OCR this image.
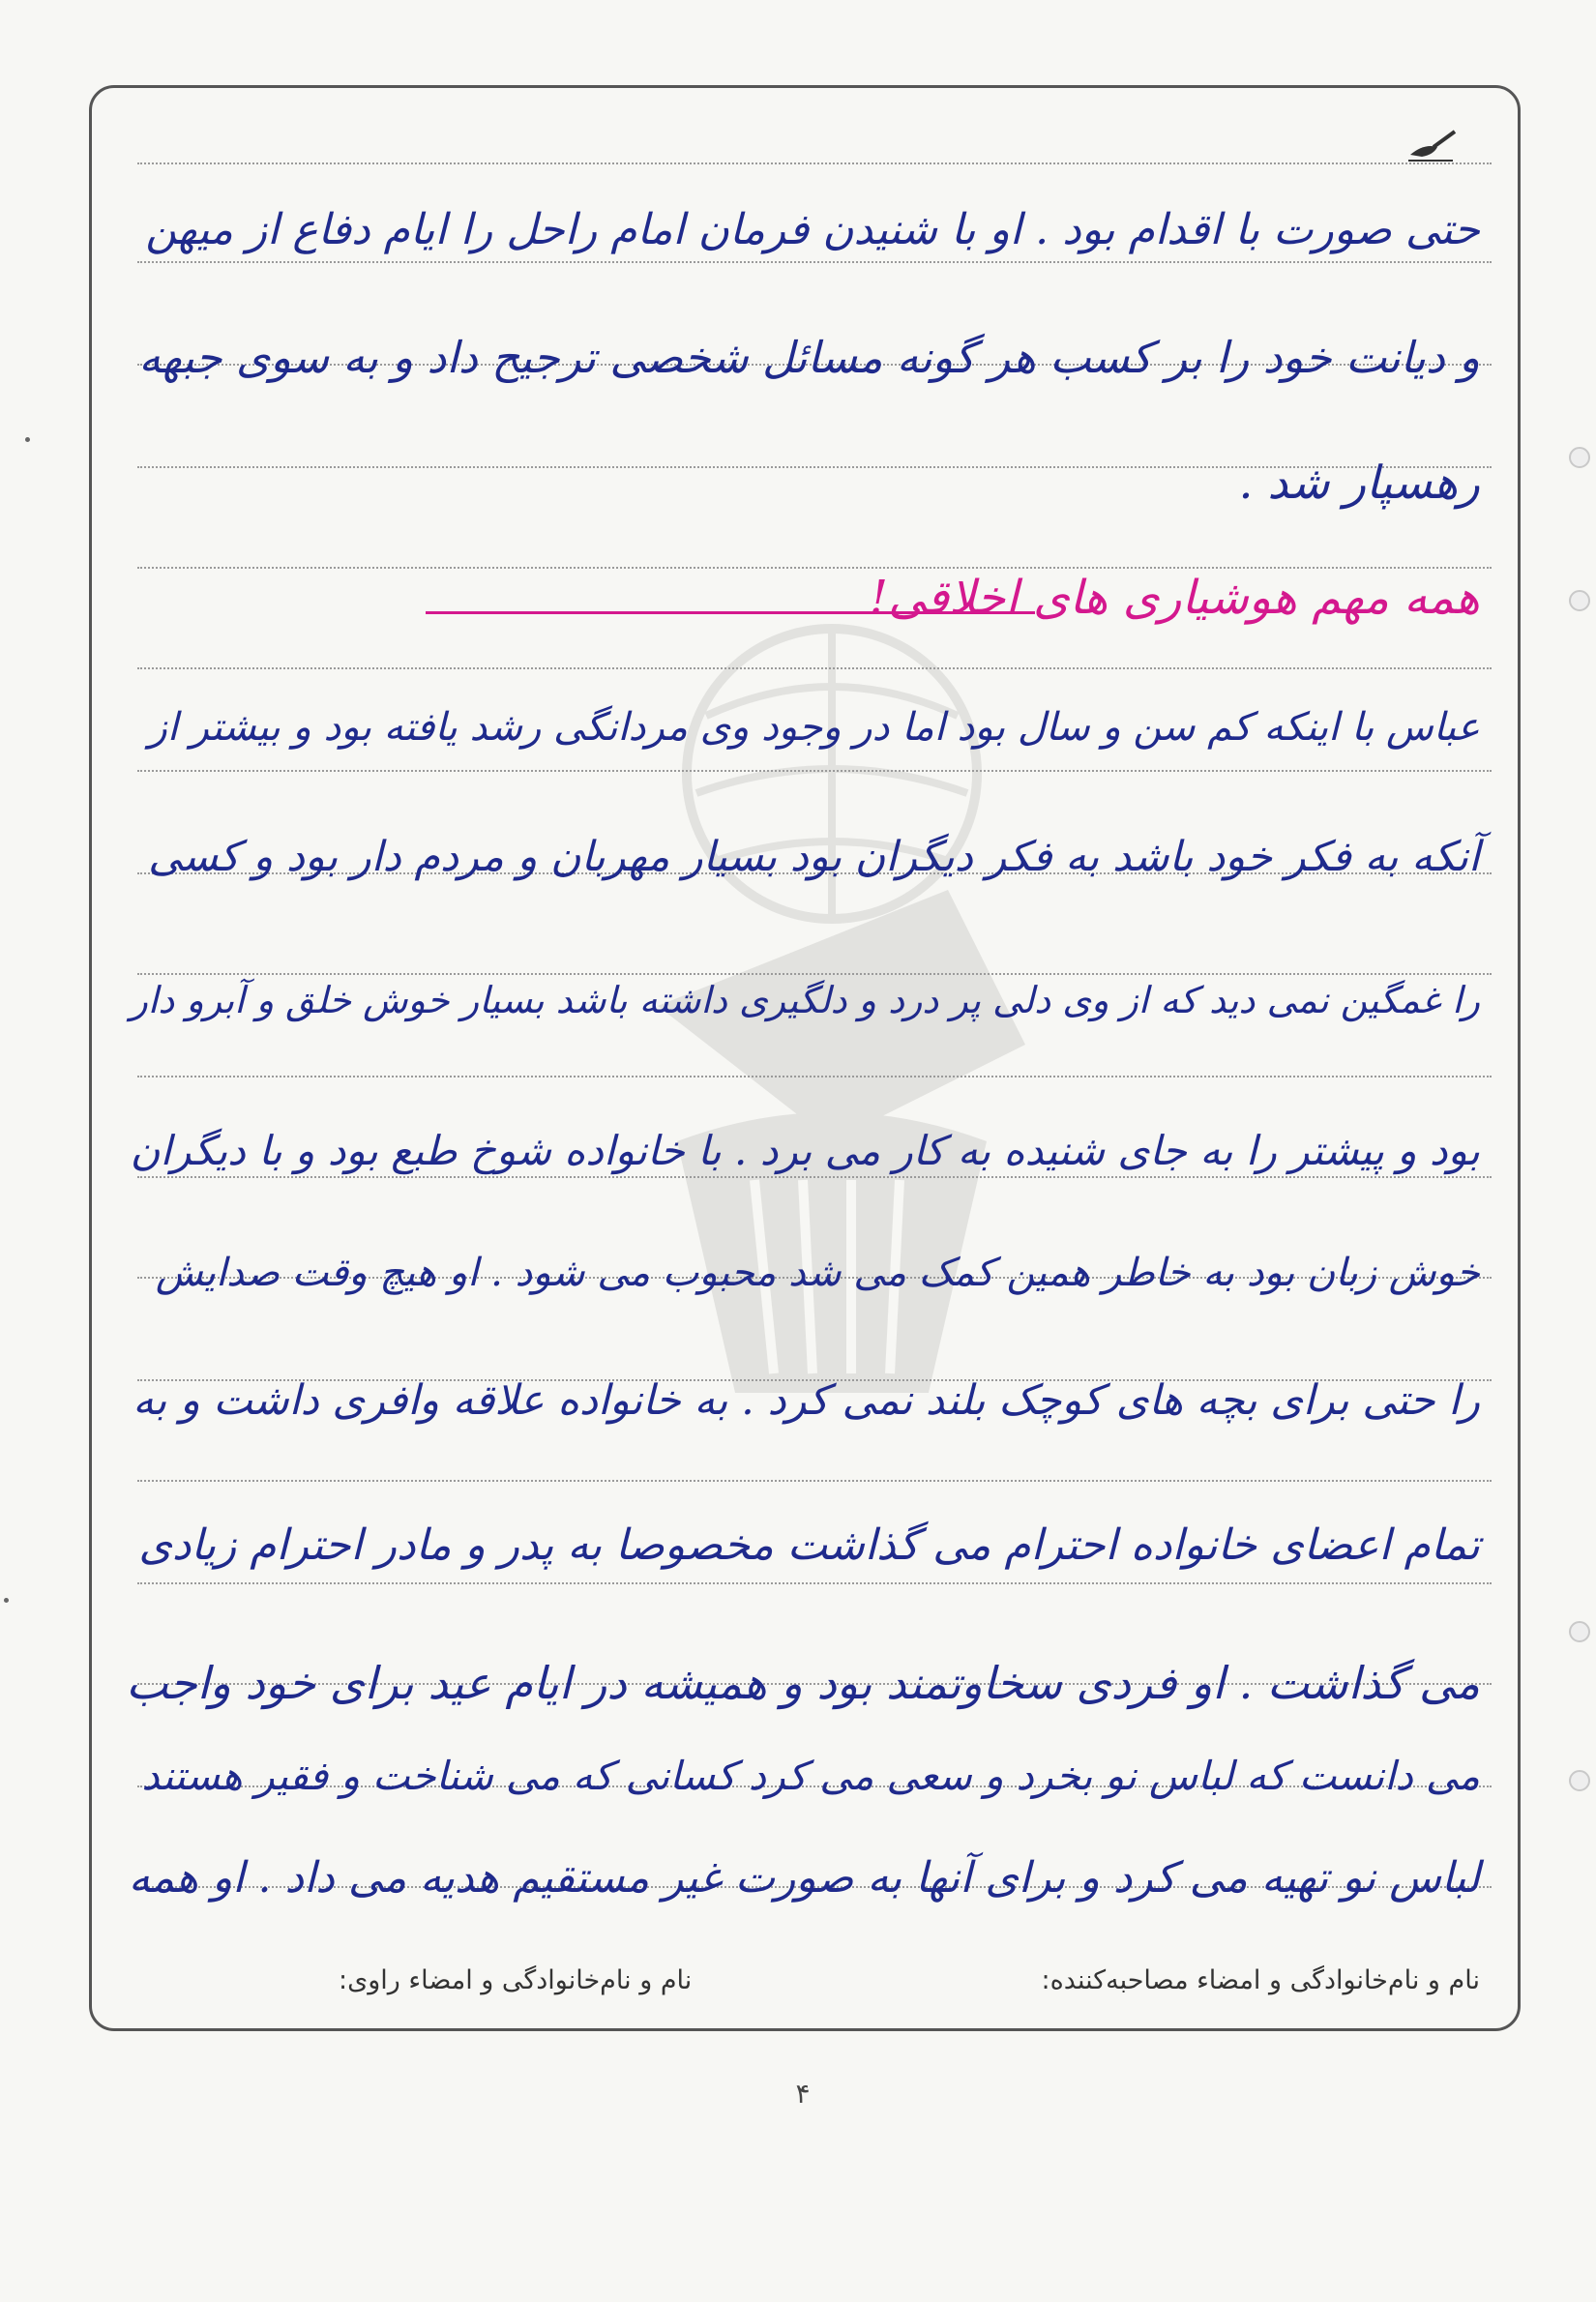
حتی صورت با اقدام بود . او با شنیدن فرمان امام راحل را ایام دفاع از میهن
و دیانت خود را بر کسب هر گونه مسائل شخصی ترجیح داد و به سوی جبهه
رهسپار شد .
همه مهم هوشیاری های اخلاقی!
عباس با اینکه کم سن و سال بود اما در وجود وی مردانگی رشد یافته بود و بیشتر از
آنکه به فکر خود باشد به فکر دیگران بود بسیار مهربان و مردم دار بود و کسی
را غمگین نمی دید که از وی دلی پر درد و دلگیری داشته باشد بسیار خوش خلق و آبرو دار
بود و پیشتر را به جای شنیده به کار می برد . با خانواده شوخ طبع بود و با دیگران
خوش زبان بود به خاطر همین کمک می شد محبوب می شود . او هیچ وقت صدایش
را حتی برای بچه های کوچک بلند نمی کرد . به خانواده علاقه وافری داشت و به
تمام اعضای خانواده احترام می گذاشت مخصوصا به پدر و مادر احترام زیادی
می گذاشت . او فردی سخاوتمند بود و همیشه در ایام عید برای خود واجب
می دانست که لباس نو بخرد و سعی می کرد کسانی که می شناخت و فقیر هستند
لباس نو تهیه می کرد و برای آنها به صورت غیر مستقیم هدیه می داد . او همه
نام و نام‌خانوادگی و امضاء مصاحبه‌کننده:
نام و نام‌خانوادگی و امضاء راوی:
۴
